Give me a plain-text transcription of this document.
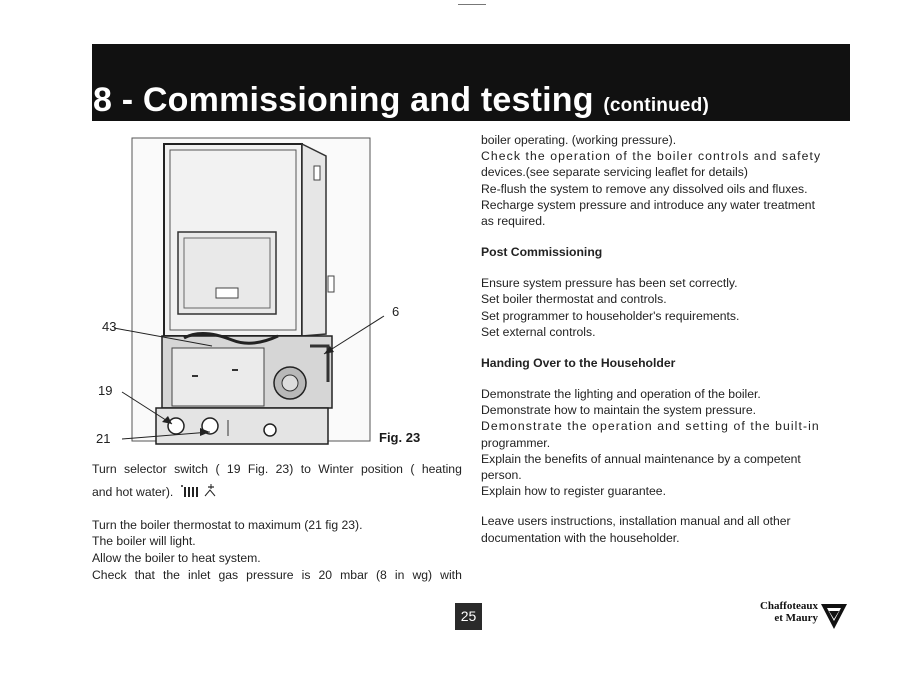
8 - Commissioning and testing (continued)
43
19
21
6
Fig. 23
Turn selector switch ( 19 Fig. 23) to Winter position ( heating

and hot water).

Turn the boiler thermostat to maximum (21 fig 23).

The boiler will light.

Allow the boiler to heat system.

Check that the inlet gas pressure is 20 mbar (8 in wg) with

boiler operating. (working pressure).

Check the operation of the boiler controls and safety

devices.(see separate servicing leaflet for details)

Re-flush the system to remove any dissolved oils and fluxes.

Recharge system pressure and introduce any water treatment

as required.

Post Commissioning

Ensure system pressure has been set correctly.

Set boiler thermostat and controls.

Set programmer to householder's requirements.

Set external controls.

Handing Over to the Householder

Demonstrate the lighting and operation of the boiler.

Demonstrate how to maintain the system pressure.

Demonstrate the operation and setting of the built-in

programmer.

Explain the benefits of annual maintenance by a competent

person.

Explain how to register guarantee.

Leave users instructions, installation manual and all other

documentation with the householder.

25
Chaffoteaux
et Maury
